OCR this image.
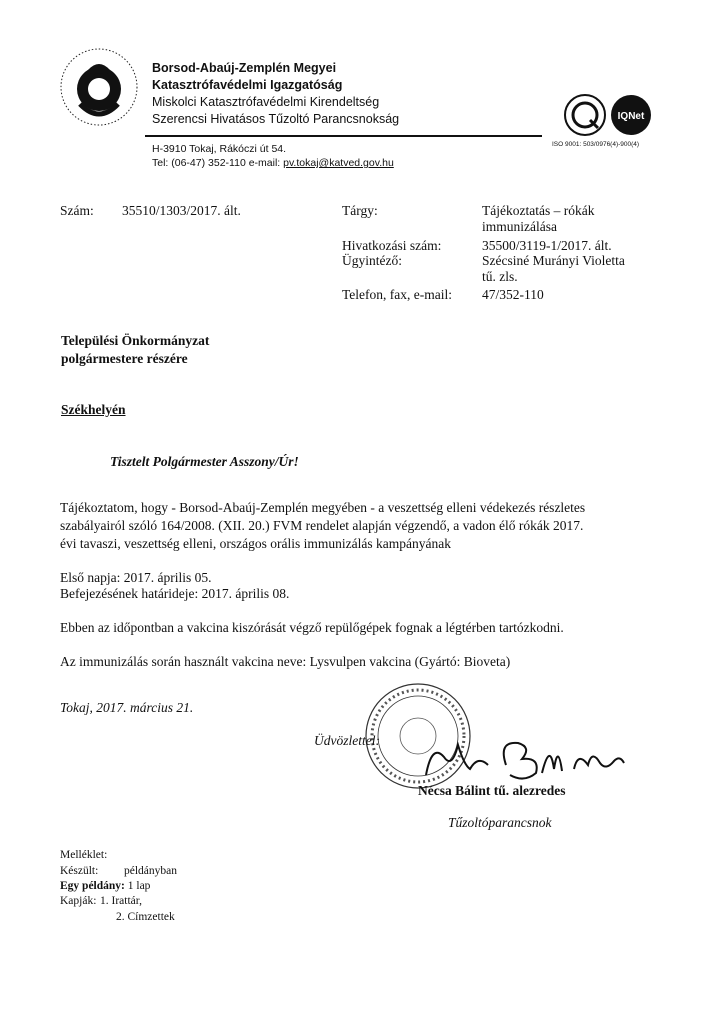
Borsod-Abaúj-Zemplén Megyei
Katasztrófavédelmi Igazgatóság
Miskolci Katasztrófavédelmi Kirendeltség
Szerencsi Hivatásos Tűzoltó Parancsnokság
H-3910 Tokaj, Rákóczi út 54.
Tel: (06-47) 352-110 e-mail: pv.tokaj@katved.gov.hu
IQNet
ISO 9001: 503/0976(4)-900(4)
Szám: 35510/1303/2017. ált.	Tárgy:	Tájékoztatás – rókák
immunizálása
Hivatkozási szám:	35500/3119-1/2017. ált.
Ügyintéző:	Szécsiné Murányi Violetta
tű. zls.
Telefon, fax, e-mail: 47/352-110
Települési Önkormányzat
polgármestere részére
Székhelyén
Tisztelt Polgármester Asszony/Úr!
Tájékoztatom, hogy - Borsod-Abaúj-Zemplén megyében - a veszettség elleni védekezés részletes
szabályairól szóló 164/2008. (XII. 20.) FVM rendelet alapján végzendő, a vadon élő rókák 2017.
évi tavaszi, veszettség elleni, országos orális immunizálás kampányának
Első napja: 2017. április 05.
Befejezésének határideje: 2017. április 08.
Ebben az időpontban a vakcina kiszórását végző repülőgépek fognak a légtérben tartózkodni.
Az immunizálás során használt vakcina neve: Lysvulpen vakcina (Gyártó: Bioveta)
Tokaj, 2017. március 21.
Üdvözlettel:
Nécsa Bálint tű. alezredes
Tűzoltóparancsnok
Melléklet:
Készült: példányban
Egy példány: 1 lap
Kapják: 1. Irattár,
2. Címzettek
